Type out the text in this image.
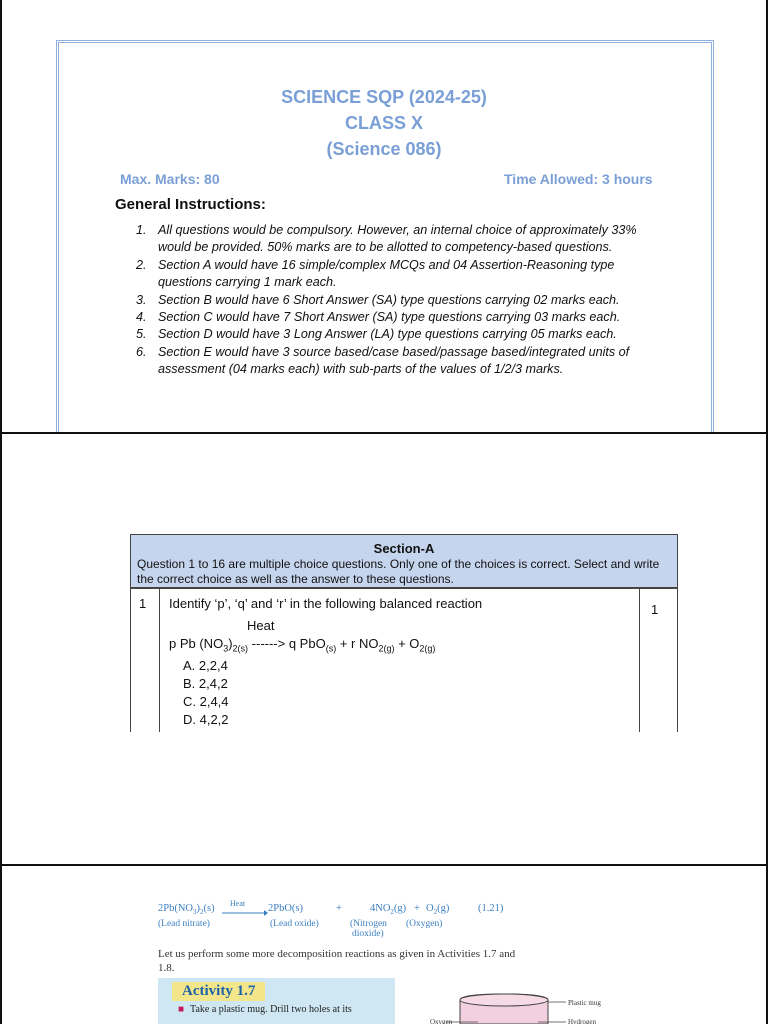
SCIENCE SQP (2024-25)
CLASS X
(Science 086)
Max. Marks: 80	Time Allowed: 3 hours
General Instructions:
1. All questions would be compulsory. However, an internal choice of approximately 33% would be provided. 50% marks are to be allotted to competency-based questions.
2. Section A would have 16 simple/complex MCQs and 04 Assertion-Reasoning type questions carrying 1 mark each.
3. Section B would have 6 Short Answer (SA) type questions carrying 02 marks each.
4. Section C would have 7 Short Answer (SA) type questions carrying 03 marks each.
5. Section D would have 3 Long Answer (LA) type questions carrying 05 marks each.
6. Section E would have 3 source based/case based/passage based/integrated units of assessment (04 marks each) with sub-parts of the values of 1/2/3 marks.
Section-A
Question 1 to 16 are multiple choice questions. Only one of the choices is correct. Select and write the correct choice as well as the answer to these questions.
1 Identify ‘p’, ‘q’ and ‘r’ in the following balanced reaction
Heat
p Pb $(NO_3)_{2(s)}$ ------> q PbO$_{(s)}$ + r $NO_{2(g)} + O_{2(g)}$
A. 2,2,4
B. 2,4,2
C. 2,4,4
D. 4,2,2
1
$2Pb(NO_3)_2(s)$ Heat → 2PbO(s)	+	$4NO_2(g) + O_2(g)$	(1.21)
(Lead nitrate)	(Lead oxide)	(Nitrogen
dioxide)
(Oxygen)
Let us perform some more decomposition reactions as given in Activities 1.7 and 1.8.
Activity 1.7
■ Take a plastic mug. Drill two holes at its
Plastic mug
Oxygen	Hydrogen
